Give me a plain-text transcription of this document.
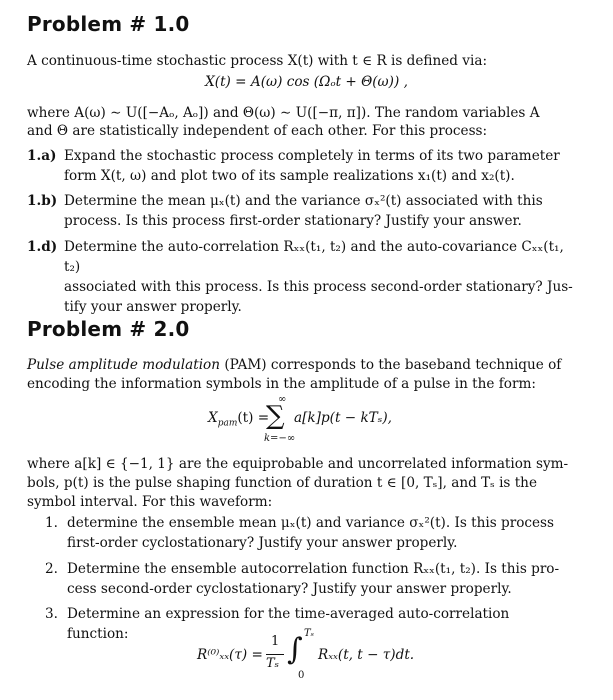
Problem # 1.0
A continuous-time stochastic process X(t) with t ∈ R is defined via:
X(t) = A(ω) cos (Ωₒt + Θ(ω)) ,
where A(ω) ∼ U([−Aₒ, Aₒ]) and Θ(ω) ∼ U([−π, π]). The random variables A
and Θ are statistically independent of each other. For this process:
1.a) Expand the stochastic process completely in terms of its two parameter
form X(t, ω) and plot two of its sample realizations x₁(t) and x₂(t).
1.b) Determine the mean μₓ(t) and the variance σₓ²(t) associated with this
process. Is this process first-order stationary? Justify your answer.
1.d) Determine the auto-correlation Rₓₓ(t₁, t₂) and the auto-covariance Cₓₓ(t₁, t₂)
associated with this process. Is this process second-order stationary? Jus-
tify your answer properly.
Problem # 2.0
Pulse amplitude modulation (PAM) corresponds to the baseband technique of
encoding the information symbols in the amplitude of a pulse in the form:
$X_{pam}(t)$ =
∞
∑
k=−∞
a[k]p(t − kTₛ),
where a[k] ∈ {−1, 1} are the equiprobable and uncorrelated information sym-
bols, p(t) is the pulse shaping function of duration t ∈ [0, Tₛ], and Tₛ is the
symbol interval. For this waveform:
1. determine the ensemble mean μₓ(t) and variance σₓ²(t). Is this process
first-order cyclostationary? Justify your answer properly.
2. Determine the ensemble autocorrelation function Rₓₓ(t₁, t₂). Is this pro-
cess second-order cyclostationary? Justify your answer properly.
3. Determine an expression for the time-averaged auto-correlation function:
R⁽⁰⁾ₓₓ(τ) =
1
Tₛ ∫ Tₛ
0
Rₓₓ(t, t − τ)dt.
